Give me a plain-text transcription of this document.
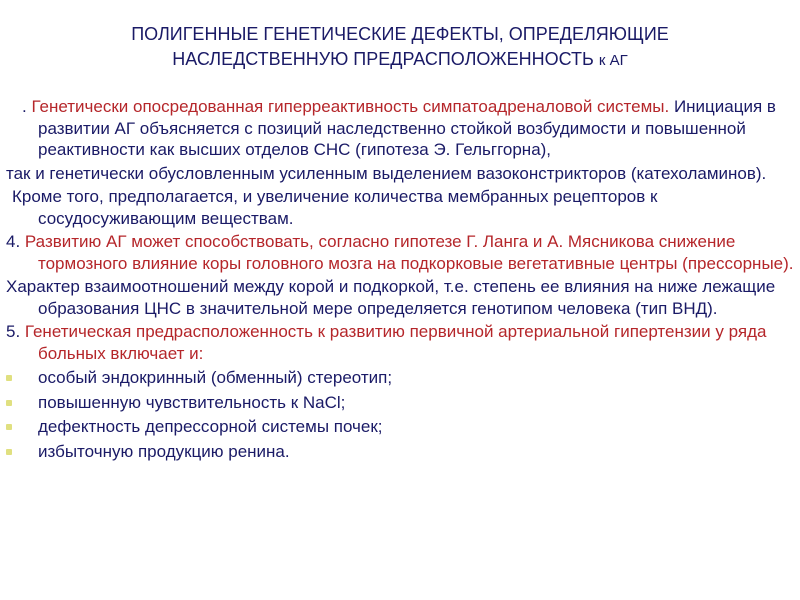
ПОЛИГЕННЫЕ ГЕНЕТИЧЕСКИЕ ДЕФЕКТЫ, ОПРЕДЕЛЯЮЩИЕ
НАСЛЕДСТВЕННУЮ ПРЕДРАСПОЛОЖЕННОСТЬ к АГ

. Генетически опосредованная гиперреактивность симпатоадреналовой системы. Инициация в развитии АГ объясняется с позиций наследственно стойкой возбудимости и повышенной реактивности как высших отделов СНС (гипотеза Э. Гельггорна),

так и генетически обусловленным усиленным выделением вазоконстрикторов (катехоламинов).

Кроме того, предполагается, и увеличение количества мембранных рецепторов к сосудосуживающим веществам.

4. Развитию АГ может способствовать, согласно гипотезе Г. Ланга и А. Мясникова снижение тормозного влияние коры головного мозга на подкорковые вегетативные центры (прессорные).

Характер взаимоотношений между корой и подкоркой, т.е. степень ее влияния на ниже лежащие образования ЦНС в значительной мере определяется генотипом человека (тип ВНД).

5. Генетическая предрасположенность к развитию первичной артериальной гипертензии у ряда больных включает и:

особый эндокринный (обменный) стереотип;
повышенную чувствительность к NaCl;
дефектность депрессорной системы почек;
избыточную продукцию ренина.
